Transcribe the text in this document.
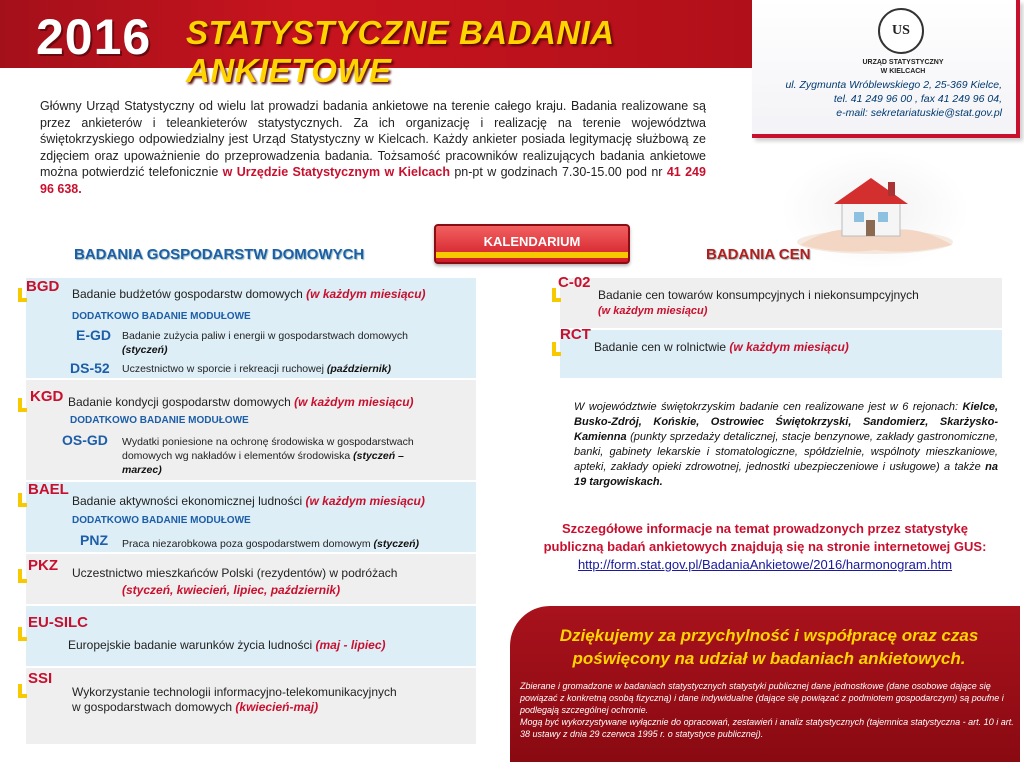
2016 STATYSTYCZNE BADANIA ANKIETOWE
US
URZĄD STATYSTYCZNY
W KIELCACH
ul. Zygmunta Wróblewskiego 2, 25-369 Kielce,
tel. 41 249 96 00 , fax 41 249 96 04,
e-mail: sekretariatuskie@stat.gov.pl
Główny Urząd Statystyczny od wielu lat prowadzi badania ankietowe na terenie całego kraju. Badania realizowane są przez ankieterów i teleankieterów statystycznych. Za ich organizację i realizację na terenie województwa świętokrzyskiego odpowiedzialny jest Urząd Statystyczny w Kielcach. Każdy ankieter posiada legitymację służbową ze zdjęciem oraz upoważnienie do przeprowadzenia badania. Tożsamość pracowników realizujących badania ankietowe można potwierdzić telefonicznie w Urzędzie Statystycznym w Kielcach pn-pt w godzinach 7.30-15.00 pod nr 41 249 96 638.
BADANIA GOSPODARSTW DOMOWYCH
KALENDARIUM
BADANIA CEN
BGD Badanie budżetów gospodarstw domowych (w każdym miesiącu)
DODATKOWO BADANIE MODUŁOWE
E-GD Badanie zużycia paliw i energii w gospodarstwach domowych
(styczeń)
DS-52 Uczestnictwo w sporcie i rekreacji ruchowej (październik)
KGD Badanie kondycji gospodarstw domowych (w każdym miesiącu)
DODATKOWO BADANIE MODUŁOWE
OS-GD Wydatki poniesione na ochronę środowiska w gospodarstwach
domowych wg nakładów i elementów środowiska (styczeń –
marzec)
BAEL
Badanie aktywności ekonomicznej ludności (w każdym miesiącu)
DODATKOWO BADANIE MODUŁOWE
PNZ Praca niezarobkowa poza gospodarstwem domowym (styczeń)
PKZ Uczestnictwo mieszkańców Polski (rezydentów) w podróżach
(styczeń, kwiecień, lipiec, październik)
EU-SILC
Europejskie badanie warunków życia ludności (maj - lipiec)
SSI
Wykorzystanie technologii informacyjno-telekomunikacyjnych
w gospodarstwach domowych (kwiecień-maj)
C-02
Badanie cen towarów konsumpcyjnych i niekonsumpcyjnych
(w każdym miesiącu)
RCT
Badanie cen w rolnictwie (w każdym miesiącu)
W województwie świętokrzyskim badanie cen realizowane jest w 6 rejonach: Kielce, Busko-Zdrój, Końskie, Ostrowiec Świętokrzyski, Sandomierz, Skarżysko-Kamienna (punkty sprzedaży detalicznej, stacje benzynowe, zakłady gastronomiczne, banki, gabinety lekarskie i stomatologiczne, spółdzielnie, wspólnoty mieszkaniowe, apteki, zakłady opieki zdrowotnej, jednostki ubezpieczeniowe i usługowe) a także na 19 targowiskach.
Szczegółowe informacje na temat prowadzonych przez statystykę
publiczną badań ankietowych znajdują się na stronie internetowej GUS:
http://form.stat.gov.pl/BadaniaAnkietowe/2016/harmonogram.htm
Dziękujemy za przychylność i współpracę oraz czas
poświęcony na udział w badaniach ankietowych.
Zbierane i gromadzone w badaniach statystycznych statystyki publicznej dane jednostkowe (dane osobowe dające się powiązać z konkretną osobą fizyczną) i dane indywidualne (dające się powiązać z podmiotem gospodarczym) są poufne i podlegają szczególnej ochronie.
Mogą być wykorzystywane wyłącznie do opracowań, zestawień i analiz statystycznych (tajemnica statystyczna - art. 10 i art. 38 ustawy z dnia 29 czerwca 1995 r. o statystyce publicznej).
